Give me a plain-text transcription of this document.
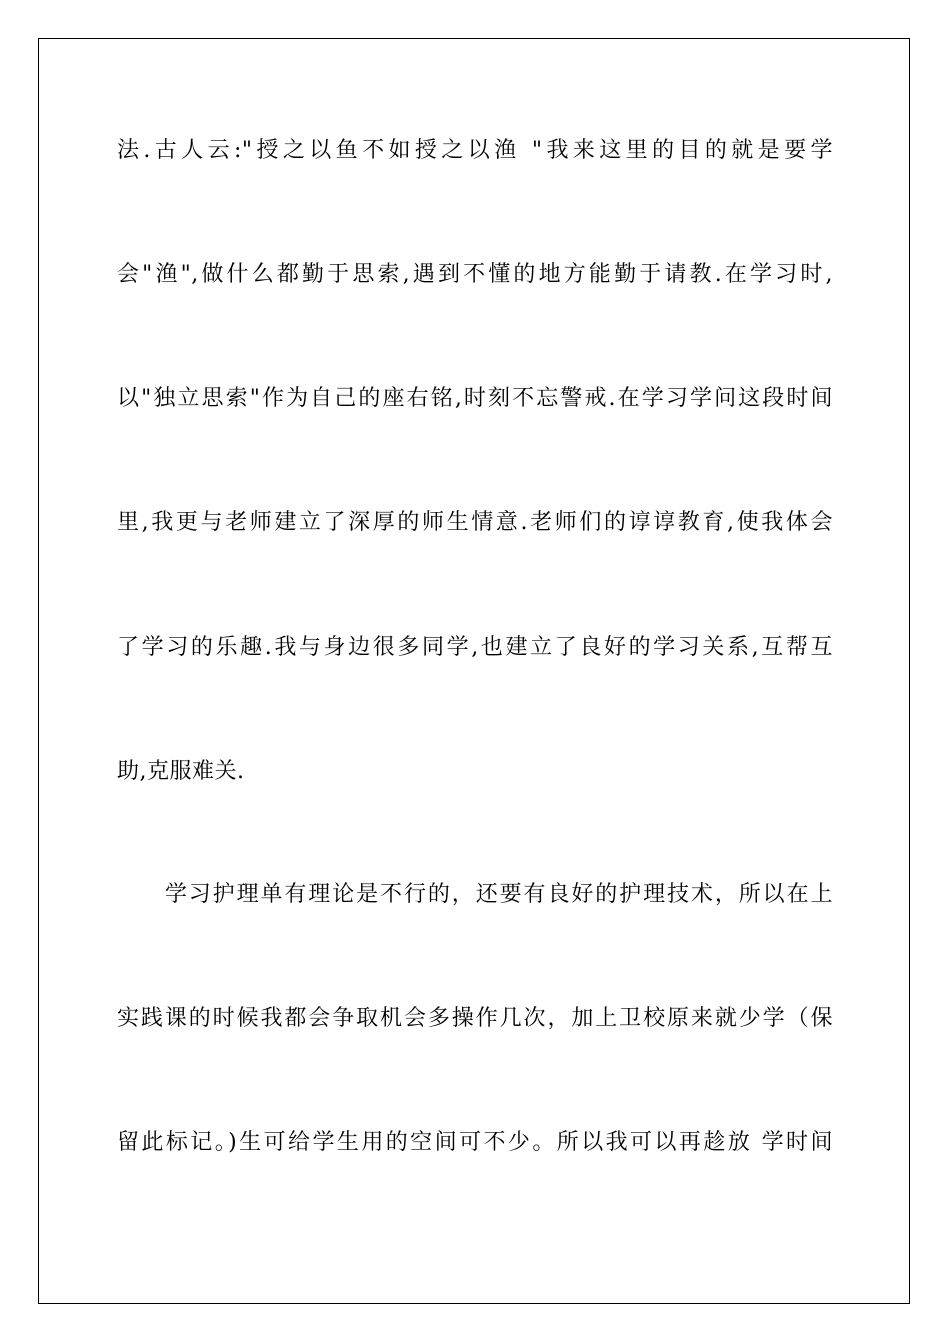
法.古人云:"授之以鱼不如授之以渔 "我来这里的目的就是要学
会"渔",做什么都勤于思索,遇到不懂的地方能勤于请教.在学习时,
以"独立思索"作为自己的座右铭,时刻不忘警戒.在学习学问这段时间
里,我更与老师建立了深厚的师生情意.老师们的谆谆教育,使我体会
了学习的乐趣.我与身边很多同学,也建立了良好的学习关系,互帮互
助,克服难关.
　　学习护理单有理论是不行的，还要有良好的护理技术，所以在上
实践课的时候我都会争取机会多操作几次，加上卫校原来就少学（保
留此标记。)生可给学生用的空间可不少。所以我可以再趁放 学时间
